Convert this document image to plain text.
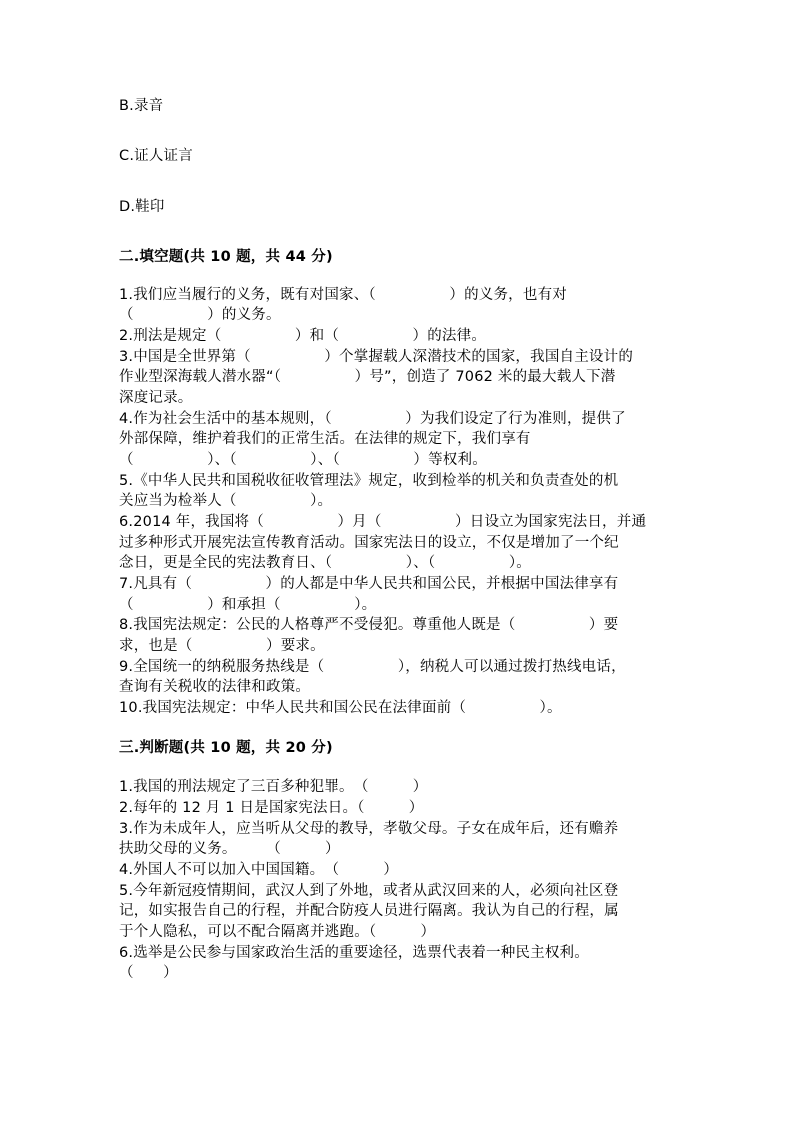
B.录音
C.证人证言
D.鞋印
二.填空题(共 10 题，共 44 分)
1.我们应当履行的义务，既有对国家、（　　　　　）的义务，也有对
（　　　　　）的义务。
2.刑法是规定（　　　　　）和（　　　　　）的法律。
3.中国是全世界第（　　　　　）个掌握载人深潜技术的国家，我国自主设计的
作业型深海载人潜水器“（　　　　　）号”，创造了 7062 米的最大载人下潜
深度记录。
4.作为社会生活中的基本规则，（　　　　　）为我们设定了行为准则，提供了
外部保障，维护着我们的正常生活。在法律的规定下，我们享有
（　　　　　）、（　　　　　）、（　　　　　）等权利。
5.《中华人民共和国税收征收管理法》规定，收到检举的机关和负责查处的机
关应当为检举人（　　　　　）。
6.2014 年，我国将（　　　　　）月（　　　　　）日设立为国家宪法日，并通
过多种形式开展宪法宣传教育活动。国家宪法日的设立，不仅是增加了一个纪
念日，更是全民的宪法教育日、（　　　　　）、（　　　　　）。
7.凡具有（　　　　　）的人都是中华人民共和国公民，并根据中国法律享有
（　　　　　）和承担（　　　　　）。
8.我国宪法规定：公民的人格尊严不受侵犯。尊重他人既是（　　　　　）要
求，也是（　　　　　）要求。
9.全国统一的纳税服务热线是（　　　　　），纳税人可以通过拨打热线电话，
查询有关税收的法律和政策。
10.我国宪法规定：中华人民共和国公民在法律面前（　　　　　）。
三.判断题(共 10 题，共 20 分)
1.我国的刑法规定了三百多种犯罪。　（　　　）
2.每年的 12 月 1 日是国家宪法日。（　　　）
3.作为未成年人，应当听从父母的教导，孝敬父母。子女在成年后，还有赡养
扶助父母的义务。　　　（　　　）
4.外国人不可以加入中国国籍。　（　　　）
5.今年新冠疫情期间，武汉人到了外地，或者从武汉回来的人，必须向社区登
记，如实报告自己的行程，并配合防疫人员进行隔离。我认为自己的行程，属
于个人隐私，可以不配合隔离并逃跑。（　　　）
6.选举是公民参与国家政治生活的重要途径，选票代表着一种民主权利。
（　　）
